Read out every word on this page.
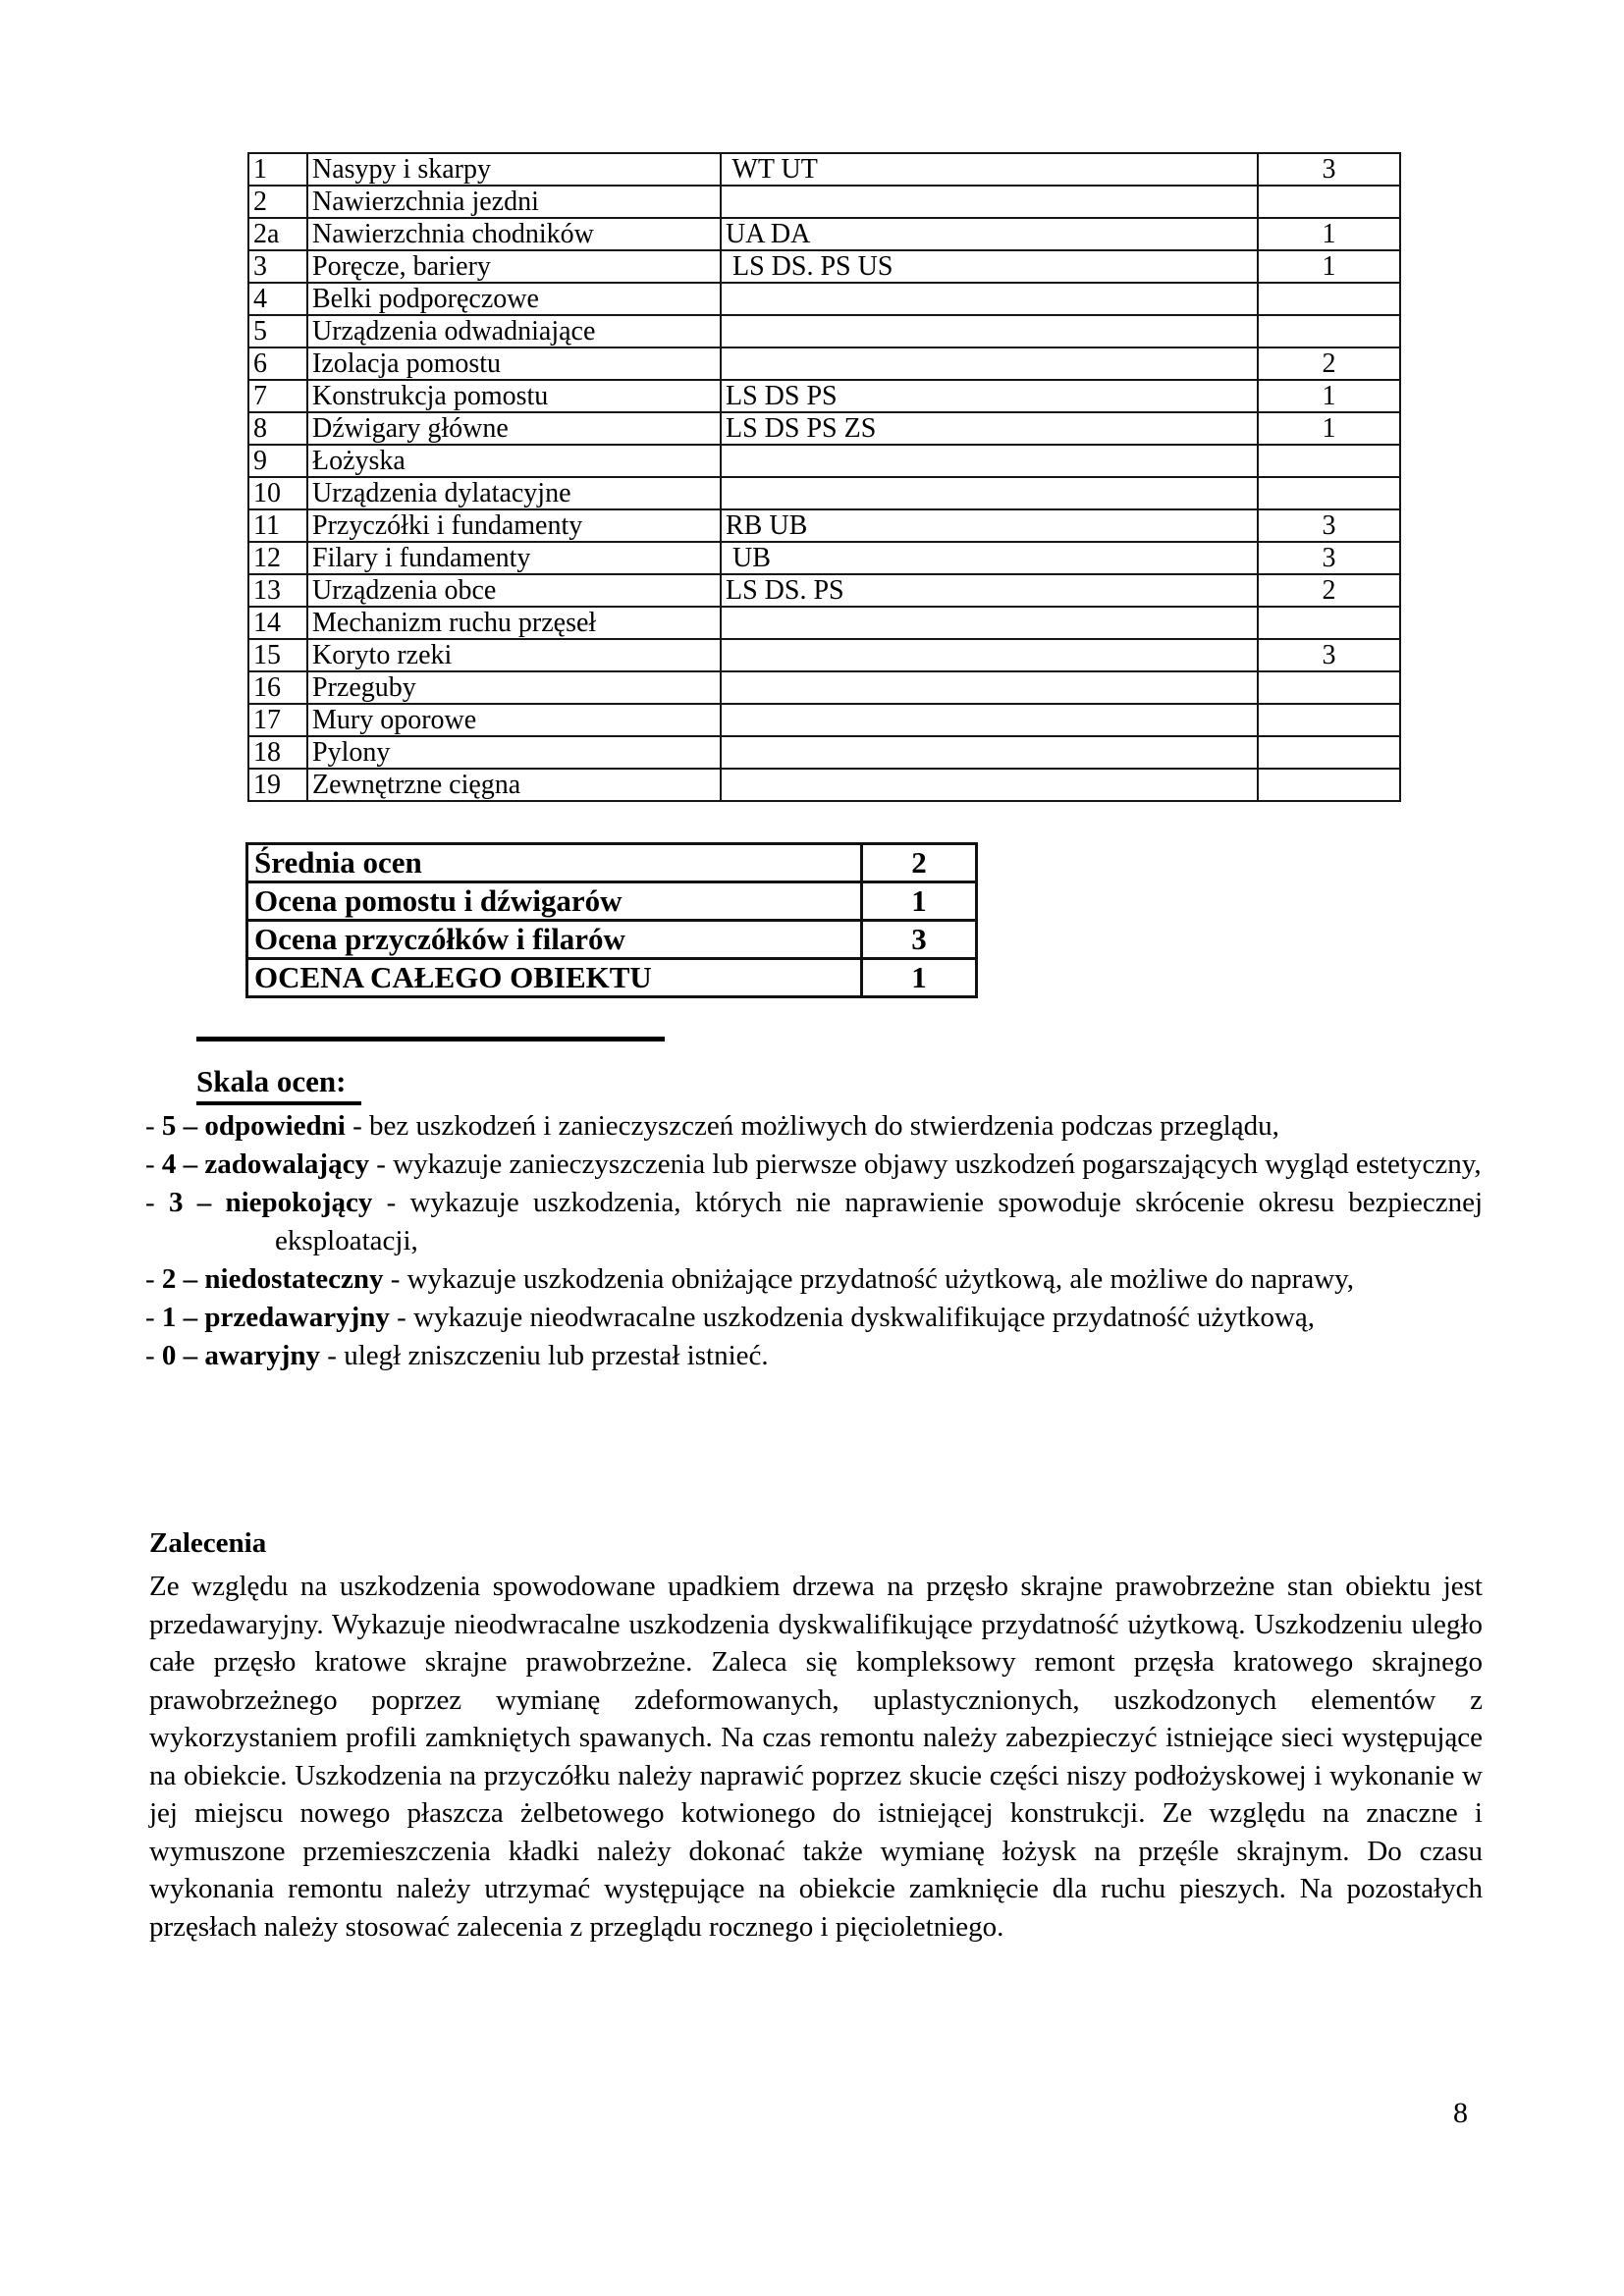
1	Nasypy i skarpy	WT UT	3
2	Nawierzchnia jezdni		
2a	Nawierzchnia chodników	UA DA	1
3	Poręcze, bariery	LS DS. PS US	1
4	Belki podporęczowe		
5	Urządzenia odwadniające		
6	Izolacja pomostu		2
7	Konstrukcja pomostu	LS DS PS	1
8	Dźwigary główne	LS DS PS ZS	1
9	Łożyska		
10	Urządzenia dylatacyjne		
11	Przyczółki i fundamenty	RB UB	3
12	Filary i fundamenty	UB	3
13	Urządzenia obce	LS DS. PS	2
14	Mechanizm ruchu przęseł		
15	Koryto rzeki		3
16	Przeguby		
17	Mury oporowe		
18	Pylony		
19	Zewnętrzne cięgna		
Średnia ocen	2
Ocena pomostu i dźwigarów	1
Ocena przyczółków i filarów	3
OCENA CAŁEGO OBIEKTU	1
Skala ocen:

- 5 – odpowiedni - bez uszkodzeń i zanieczyszczeń możliwych do stwierdzenia podczas przeglądu,

- 4 – zadowalający - wykazuje zanieczyszczenia lub pierwsze objawy uszkodzeń pogarszających wygląd estetyczny,

- 3 – niepokojący - wykazuje uszkodzenia, których nie naprawienie spowoduje skrócenie okresu bezpiecznej eksploatacji,

- 2 – niedostateczny - wykazuje uszkodzenia obniżające przydatność użytkową, ale możliwe do naprawy,

- 1 – przedawaryjny - wykazuje nieodwracalne uszkodzenia dyskwalifikujące przydatność użytkową,

- 0 – awaryjny - uległ zniszczeniu lub przestał istnieć.

Zalecenia

Ze względu na uszkodzenia spowodowane upadkiem drzewa na przęsło skrajne prawobrzeżne stan obiektu jest przedawaryjny. Wykazuje nieodwracalne uszkodzenia dyskwalifikujące przydatność użytkową. Uszkodzeniu uległo całe przęsło kratowe skrajne prawobrzeżne. Zaleca się kompleksowy remont przęsła kratowego skrajnego prawobrzeżnego poprzez wymianę zdeformowanych, uplastycznionych, uszkodzonych elementów z wykorzystaniem profili zamkniętych spawanych. Na czas remontu należy zabezpieczyć istniejące sieci występujące na obiekcie. Uszkodzenia na przyczółku należy naprawić poprzez skucie części niszy podłożyskowej i wykonanie w jej miejscu nowego płaszcza żelbetowego kotwionego do istniejącej konstrukcji. Ze względu na znaczne i wymuszone przemieszczenia kładki należy dokonać także wymianę łożysk na przęśle skrajnym. Do czasu wykonania remontu należy utrzymać występujące na obiekcie zamknięcie dla ruchu pieszych. Na pozostałych przęsłach należy stosować zalecenia z przeglądu rocznego i pięcioletniego.

8
